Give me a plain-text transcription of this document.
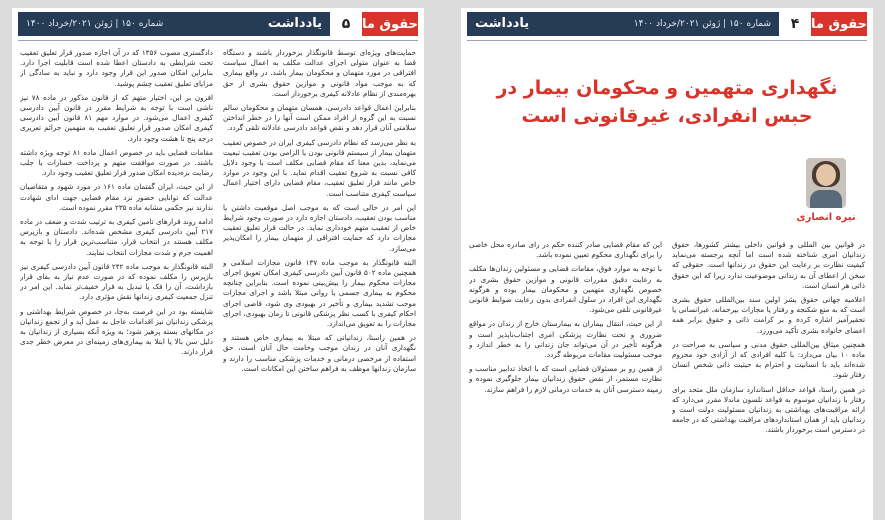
حقوق ما
۵
یادداشت
شماره ۱۵۰ | ژوئن ۲۰۲۱/خرداد ۱۴۰۰

حمایت‌های ویژه‌ای توسط قانونگذار برخوردار باشند و دستگاه قضا به عنوان متولی اجرای عدالت مکلف به اعمال سیاست افتراقی در مورد متهمان و محکومان بیمار باشد. در واقع بیماری که به موجب مواد قانونی و موازین حقوق بشری از حق بهره‌مندی از نظام عادلانه کیفری برخوردار است.

بنابراین اعمال قواعد دادرسی، همسان متهمان و محکومان سالم نسبت به این گروه از افراد ممکن است آنها را در خطر انداختن سلامتی آنان قرار دهد و نقض قواعد دادرسی عادلانه تلقی گردد.

به نظر می‌رسد که نظام دادرسی کیفری ایران در خصوص تعقیب متهمان بیمار از سیستم قانونی بودن یا الزامی بودن تعقیب تبعیت می‌نماید، بدین معنا که مقام قضایی مکلف است با وجود دلایل کافی نسبت به شروع تعقیب اقدام نماید. با این وجود در موارد خاص مانند قرار تعلیق تعقیب، مقام قضایی دارای اختیار اعمال سیاست کیفری متناسب است.

این امر در حالی است که به موجب اصل موقعیت داشتن یا مناسب بودن تعقیب، دادستان اجازه دارد در صورت وجود شرایط خاص از تعقیب متهم خودداری نماید. در حالت قرار تعلیق تعقیب مجازات دارد که حمایت افتراقی از متهمان بیمار را امکان‌پذیر می‌سازد.

البته قانونگذار به موجب ماده ۱۳۷ قانون مجازات اسلامی و همچنین ماده ۵۰۲ قانون آیین دادرسی کیفری امکان تعویق اجرای مجازات محکوم بیمار را پیش‌بینی نموده است. بنابراین چنانچه محکوم به بیماری جسمی یا روانی مبتلا باشد و اجرای مجازات موجب تشدید بیماری و تأخیر در بهبودی وی شود، قاضی اجرای احکام کیفری با کسب نظر پزشکی قانونی تا زمان بهبودی، اجرای مجازات را به تعویق می‌اندازد.

در همین راستا، زندانیانی که مبتلا به بیماری خاص هستند و نگهداری آنان در زندان موجب وخامت حال آنان است، حق استفاده از مرخصی درمانی و خدمات پزشکی مناسب را دارند و سازمان زندانها موظف به فراهم ساختن این امکانات است.

دادگستری مصوب ۱۳۵۶ که در آن اجازه صدور قرار تعلیق تعقیب تحت شرایطی به دادستان اعطا شده است قابلیت اجرا دارد. بنابراین امکان صدور این قرار وجود دارد و نباید به سادگی از مزایای تعلیق تعقیب چشم پوشید.

افزون بر این، اختیار متهم که از قانون مذکور در ماده ۷۸ نیز ناشی است با توجه به شرایط مقرر در قانون آیین دادرسی کیفری اعمال می‌شود. در موارد مهم ۸۱ قانون آیین دادرسی کیفری امکان صدور قرار تعلیق تعقیب به متهمین جرائم تعزیری درجه پنج تا هشت وجود دارد.

مقامات قضایی باید در خصوص اعمال ماده ۸۱ توجه ویژه داشته باشند. در صورت موافقت متهم و پرداخت خسارات یا جلب رضایت بزه‌دیده امکان صدور قرار تعلیق تعقیب وجود دارد.

از این حیث، ایران گفتمان ماده ۱۶۱ در مورد شهود و متقاضیان عدالت که توانایی حضور نزد مقام قضایی جهت ادای شهادت ندارند نیز حکمی مشابه ماده ۲۳۵ مقرر نموده است.

ادامه روند قرارهای تامین کیفری به ترتیب شدت و ضعف در ماده ۲۱۷ آیین دادرسی کیفری مشخص شده‌اند. دادستان و بازپرس مکلف هستند در انتخاب قرار، متناسب‌ترین قرار را با توجه به اهمیت جرم و شدت مجازات انتخاب نمایند.

البته قانونگذار به موجب ماده ۲۴۲ قانون آیین دادرسی کیفری نیز بازپرس را مکلف نموده که در صورت عدم نیاز به بقای قرار بازداشت، آن را فک یا تبدیل به قرار خفیف‌تر نماید. این امر در تنزل جمعیت کیفری زندانها نقش مؤثری دارد.

شایسته بود در این فرصت به‌جا، در خصوص شرایط بهداشتی و پزشکی زندانیان نیز اقدامات عاجل به عمل آید و از تجمع زندانیان در مکانهای بسته پرهیز شود؛ به ویژه آنکه بسیاری از زندانیان به دلیل سن بالا یا ابتلا به بیماری‌های زمینه‌ای در معرض خطر جدی قرار دارند.

حقوق ما
۴
یادداشت	شماره ۱۵۰ | ژوئن ۲۰۲۱/خرداد ۱۴۰۰
نگهداری متهمین و محکومان بیمار در حبس انفرادی، غیرقانونی است
نیره انصاری

در قوانین بین المللی و قوانین داخلی بیشتر کشورها، حقوق زندانیان امری شناخته شده است اما آنچه برجسته می‌نماید کیفیت نظارت بر رعایت این حقوق در زندانها است. حقوقی که سخن از اعطای آن به زندانی موضوعیت ندارد زیرا که این حقوق ذاتی هر انسان است.

اعلامیه جهانی حقوق بشر اولین سند بین‌المللی حقوق بشری است که به منع شکنجه و رفتار یا مجازات بیرحمانه، غیرانسانی یا تحقیرآمیز اشاره کرده و بر کرامت ذاتی و حقوق برابر همه اعضای خانواده بشری تأکید می‌ورزد.

همچنین میثاق بین‌المللی حقوق مدنی و سیاسی به صراحت در ماده ۱۰ بیان می‌دارد: با کلیه افرادی که از آزادی خود محروم شده‌اند باید با انسانیت و احترام به حیثیت ذاتی شخص انسان رفتار شود.

در همین راستا، قواعد حداقل استاندارد سازمان ملل متحد برای رفتار با زندانیان موسوم به قواعد نلسون ماندلا مقرر می‌دارد که ارائه مراقبت‌های بهداشتی به زندانیان مسئولیت دولت است و زندانیان باید از همان استانداردهای مراقبت بهداشتی که در جامعه در دسترس است برخوردار باشند.

این که مقام قضایی صادر کننده حکم در رای صادره محل خاصی را برای نگهداری محکوم تعیین نموده باشد.

با توجه به موارد فوق، مقامات قضایی و مسئولین زندان‌ها مکلف به رعایت دقیق مقررات قانونی و موازین حقوق بشری در خصوص نگهداری متهمین و محکومان بیمار بوده و هرگونه نگهداری این افراد در سلول انفرادی بدون رعایت ضوابط قانونی غیرقانونی تلقی می‌شود.

از این حیث، انتقال بیماران به بیمارستان خارج از زندان در مواقع ضروری و تحت نظارت پزشکی امری اجتناب‌ناپذیر است و هرگونه تأخیر در آن می‌تواند جان زندانی را به خطر اندازد و موجب مسئولیت مقامات مربوطه گردد.

از همین رو بر مسئولان قضایی است که با اتخاذ تدابیر مناسب و نظارت مستمر، از نقض حقوق زندانیان بیمار جلوگیری نموده و زمینه دسترسی آنان به خدمات درمانی لازم را فراهم سازند.
